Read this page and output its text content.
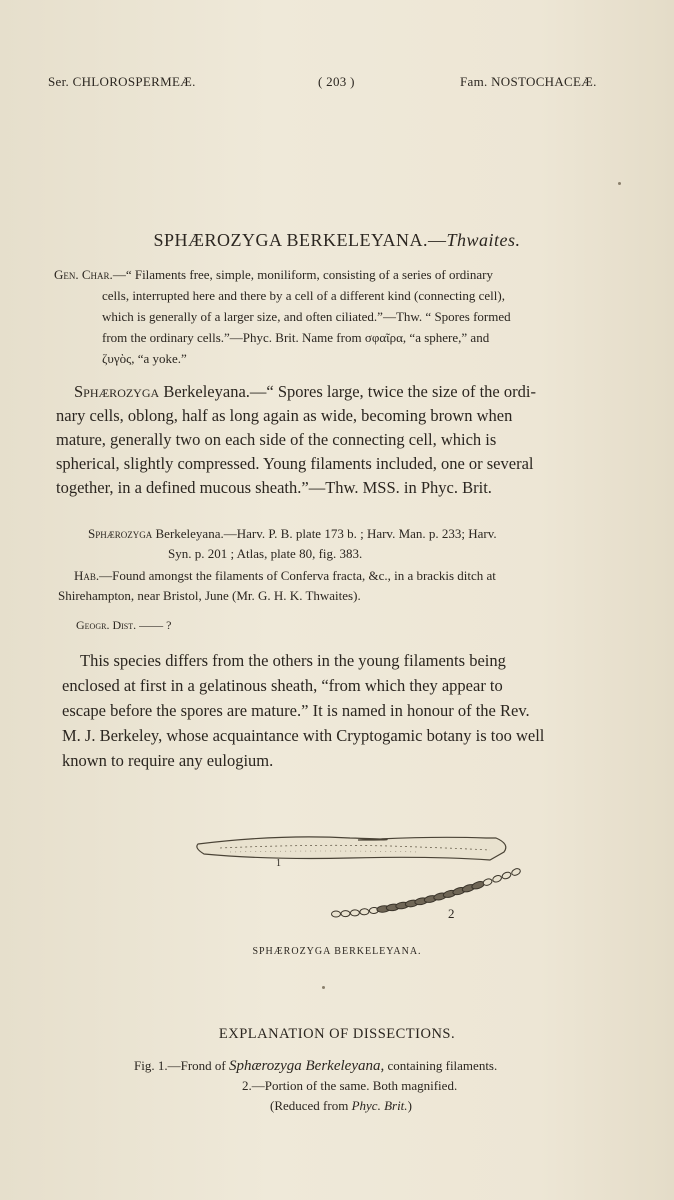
Ser. CHLOROSPERMEÆ.	( 203 )	Fam. NOSTOCHACEÆ.
SPHÆROZYGA BERKELEYANA.—Thwaites.
Gen. Char.—“ Filaments free, simple, moniliform, consisting of a series of ordinary
cells, interrupted here and there by a cell of a different kind (connecting cell),
which is generally of a larger size, and often ciliated.”—Thw. “ Spores formed
from the ordinary cells.”—Phyc. Brit. Name from σφαῖρα, “a sphere,” and
ζυγὸς, “a yoke.”
Sphærozyga Berkeleyana.—“ Spores large, twice the size of the ordi-
nary cells, oblong, half as long again as wide, becoming brown when
mature, generally two on each side of the connecting cell, which is
spherical, slightly compressed. Young filaments included, one or several
together, in a defined mucous sheath.”—Thw. MSS. in Phyc. Brit.
Sphærozyga Berkeleyana.—Harv. P. B. plate 173 b. ; Harv. Man. p. 233; Harv.
Syn. p. 201 ; Atlas, plate 80, fig. 383.
Hab.—Found amongst the filaments of Conferva fracta, &c., in a brackis ditch at
Shirehampton, near Bristol, June (Mr. G. H. K. Thwaites).
Geogr. Dist. —— ?
This species differs from the others in the young filaments being
enclosed at first in a gelatinous sheath, “from which they appear to
escape before the spores are mature.” It is named in honour of the Rev.
M. J. Berkeley, whose acquaintance with Cryptogamic botany is too well
known to require any eulogium.
1
2
SPHÆROZYGA BERKELEYANA.
EXPLANATION OF DISSECTIONS.
Fig. 1.—Frond of Sphærozyga Berkeleyana, containing filaments.
2.—Portion of the same. Both magnified.
(Reduced from Phyc. Brit.)
